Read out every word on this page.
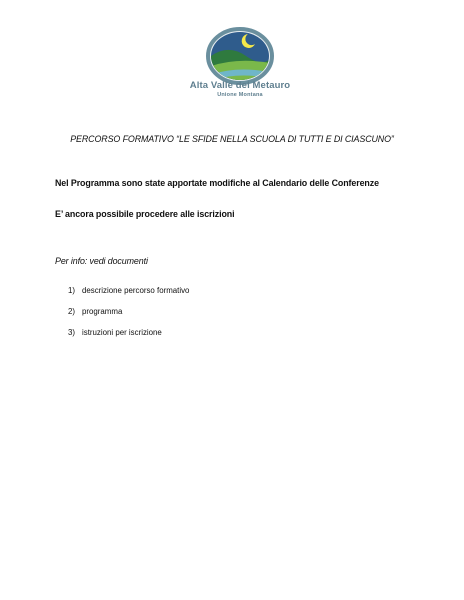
Alta Valle del Metauro
Unione Montana
PERCORSO FORMATIVO “LE SFIDE NELLA SCUOLA DI TUTTI E DI CIASCUNO”
Nel Programma sono state apportate modifiche al Calendario delle Conferenze
E’ ancora possibile procedere alle iscrizioni
Per info: vedi documenti
1) descrizione percorso formativo
2) programma
3) istruzioni per iscrizione
